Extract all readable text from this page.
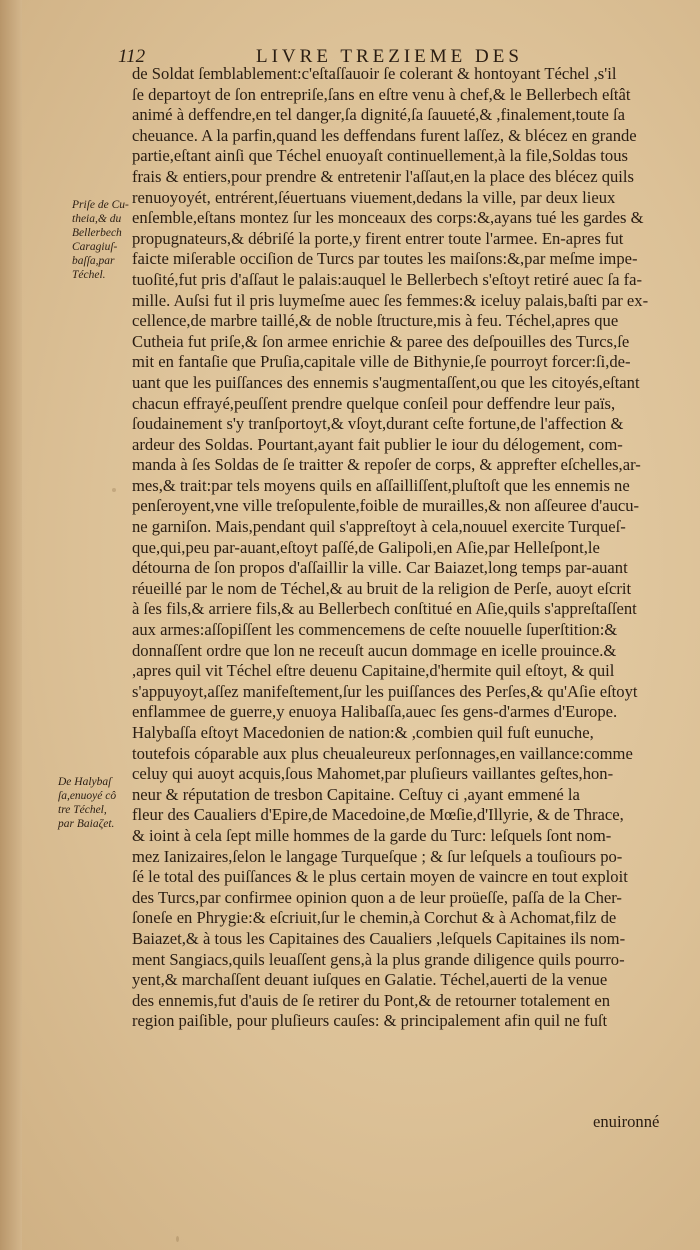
112	LIVRE TREZIEME DES
de Soldat ſemblablement:c'eſtaſſauoir ſe colerant & hontoyant Téchel ,s'il
ſe departoyt de ſon entrepriſe,ſans en eſtre venu à chef,& le Bellerbech eſtât
animé à deffendre,en tel danger,ſa dignité,ſa ſauueté,& ,finalement,toute ſa
cheuance. A la parfin,quand les deffendans furent laſſez, & blécez en grande
partie,eſtant ainſi que Téchel enuoyaſt continuellement,à la file,Soldas tous
frais & entiers,pour prendre & entretenir l'aſſaut,en la place des blécez quils
renuoyoyét, entrérent,ſéuertuans viuement,dedans la ville, par deux lieux
enſemble,eſtans montez ſur les monceaux des corps:&,ayans tué les gardes &
propugnateurs,& débriſé la porte,y firent entrer toute l'armee. En-apres fut
faicte miſerable occiſion de Turcs par toutes les maiſons:&,par meſme impe-
tuoſité,fut pris d'aſſaut le palais:auquel le Bellerbech s'eſtoyt retiré auec ſa fa-
mille. Auſsi fut il pris luymeſme auec ſes femmes:& iceluy palais,baſti par ex-
cellence,de marbre taillé,& de noble ſtructure,mis à feu. Téchel,apres que
Cutheia fut priſe,& ſon armee enrichie & paree des deſpouilles des Turcs,ſe
mit en fantaſie que Pruſia,capitale ville de Bithynie,ſe pourroyt forcer:ſi,de-
uant que les puiſſances des ennemis s'augmentaſſent,ou que les citoyés,eſtant
chacun effrayé,peuſſent prendre quelque conſeil pour deffendre leur païs,
ſoudainement s'y tranſportoyt,& vſoyt,durant ceſte fortune,de l'affection &
ardeur des Soldas. Pourtant,ayant fait publier le iour du délogement, com-
manda à ſes Soldas de ſe traitter & repoſer de corps, & apprefter eſchelles,ar-
mes,& trait:par tels moyens quils en aſſailliſſent,pluſtoſt que les ennemis ne
penſeroyent,vne ville treſopulente,foible de murailles,& non aſſeuree d'aucu-
ne garniſon. Mais,pendant quil s'appreſtoyt à cela,nouuel exercite Turqueſ-
que,qui,peu par-auant,eſtoyt paſſé,de Galipoli,en Aſie,par Helleſpont,le
détourna de ſon propos d'aſſaillir la ville. Car Baiazet,long temps par-auant
réueillé par le nom de Téchel,& au bruit de la religion de Perſe, auoyt eſcrit
à ſes fils,& arriere fils,& au Bellerbech conſtitué en Aſie,quils s'appreſtaſſent
aux armes:aſſopiſſent les commencemens de ceſte nouuelle ſuperſtition:&
donnaſſent ordre que lon ne receuſt aucun dommage en icelle prouince.&
,apres quil vit Téchel eſtre deuenu Capitaine,d'hermite quil eſtoyt, & quil
s'appuyoyt,aſſez manifeſtement,ſur les puiſſances des Perſes,& qu'Aſie eſtoyt
enflammee de guerre,y enuoya Halibaſſa,auec ſes gens-d'armes d'Europe.
Halybaſſa eſtoyt Macedonien de nation:& ,combien quil fuſt eunuche,
toutefois cóparable aux plus cheualeureux perſonnages,en vaillance:comme
celuy qui auoyt acquis,ſous Mahomet,par pluſieurs vaillantes geſtes,hon-
neur & réputation de tresbon Capitaine. Ceſtuy ci ,ayant emmené la
fleur des Caualiers d'Epire,de Macedoine,de Mœſie,d'Illyrie, & de Thrace,
& ioint à cela ſept mille hommes de la garde du Turc: leſquels ſont nom-
mez Ianizaires,ſelon le langage Turqueſque ; & ſur leſquels a touſiours po-
ſé le total des puiſſances & le plus certain moyen de vaincre en tout exploit
des Turcs,par confirmee opinion quon a de leur proüeſſe, paſſa de la Cher-
ſoneſe en Phrygie:& eſcriuit,ſur le chemin,à Corchut & à Achomat,filz de
Baiazet,& à tous les Capitaines des Caualiers ,leſquels Capitaines ils nom-
ment Sangiacs,quils leuaſſent gens,à la plus grande diligence quils pourro-
yent,& marchaſſent deuant iuſques en Galatie. Téchel,auerti de la venue
des ennemis,fut d'auis de ſe retirer du Pont,& de retourner totalement en
region paiſible, pour pluſieurs cauſes: & principalement afin quil ne fuſt
Priſe de Cu-
theia,& du
Bellerbech
Caragiuſ-
baſſa,par
Téchel.
De Halybaſ
ſa,enuoyé cô
tre Téchel,
par Baiaζet.
enuironné
